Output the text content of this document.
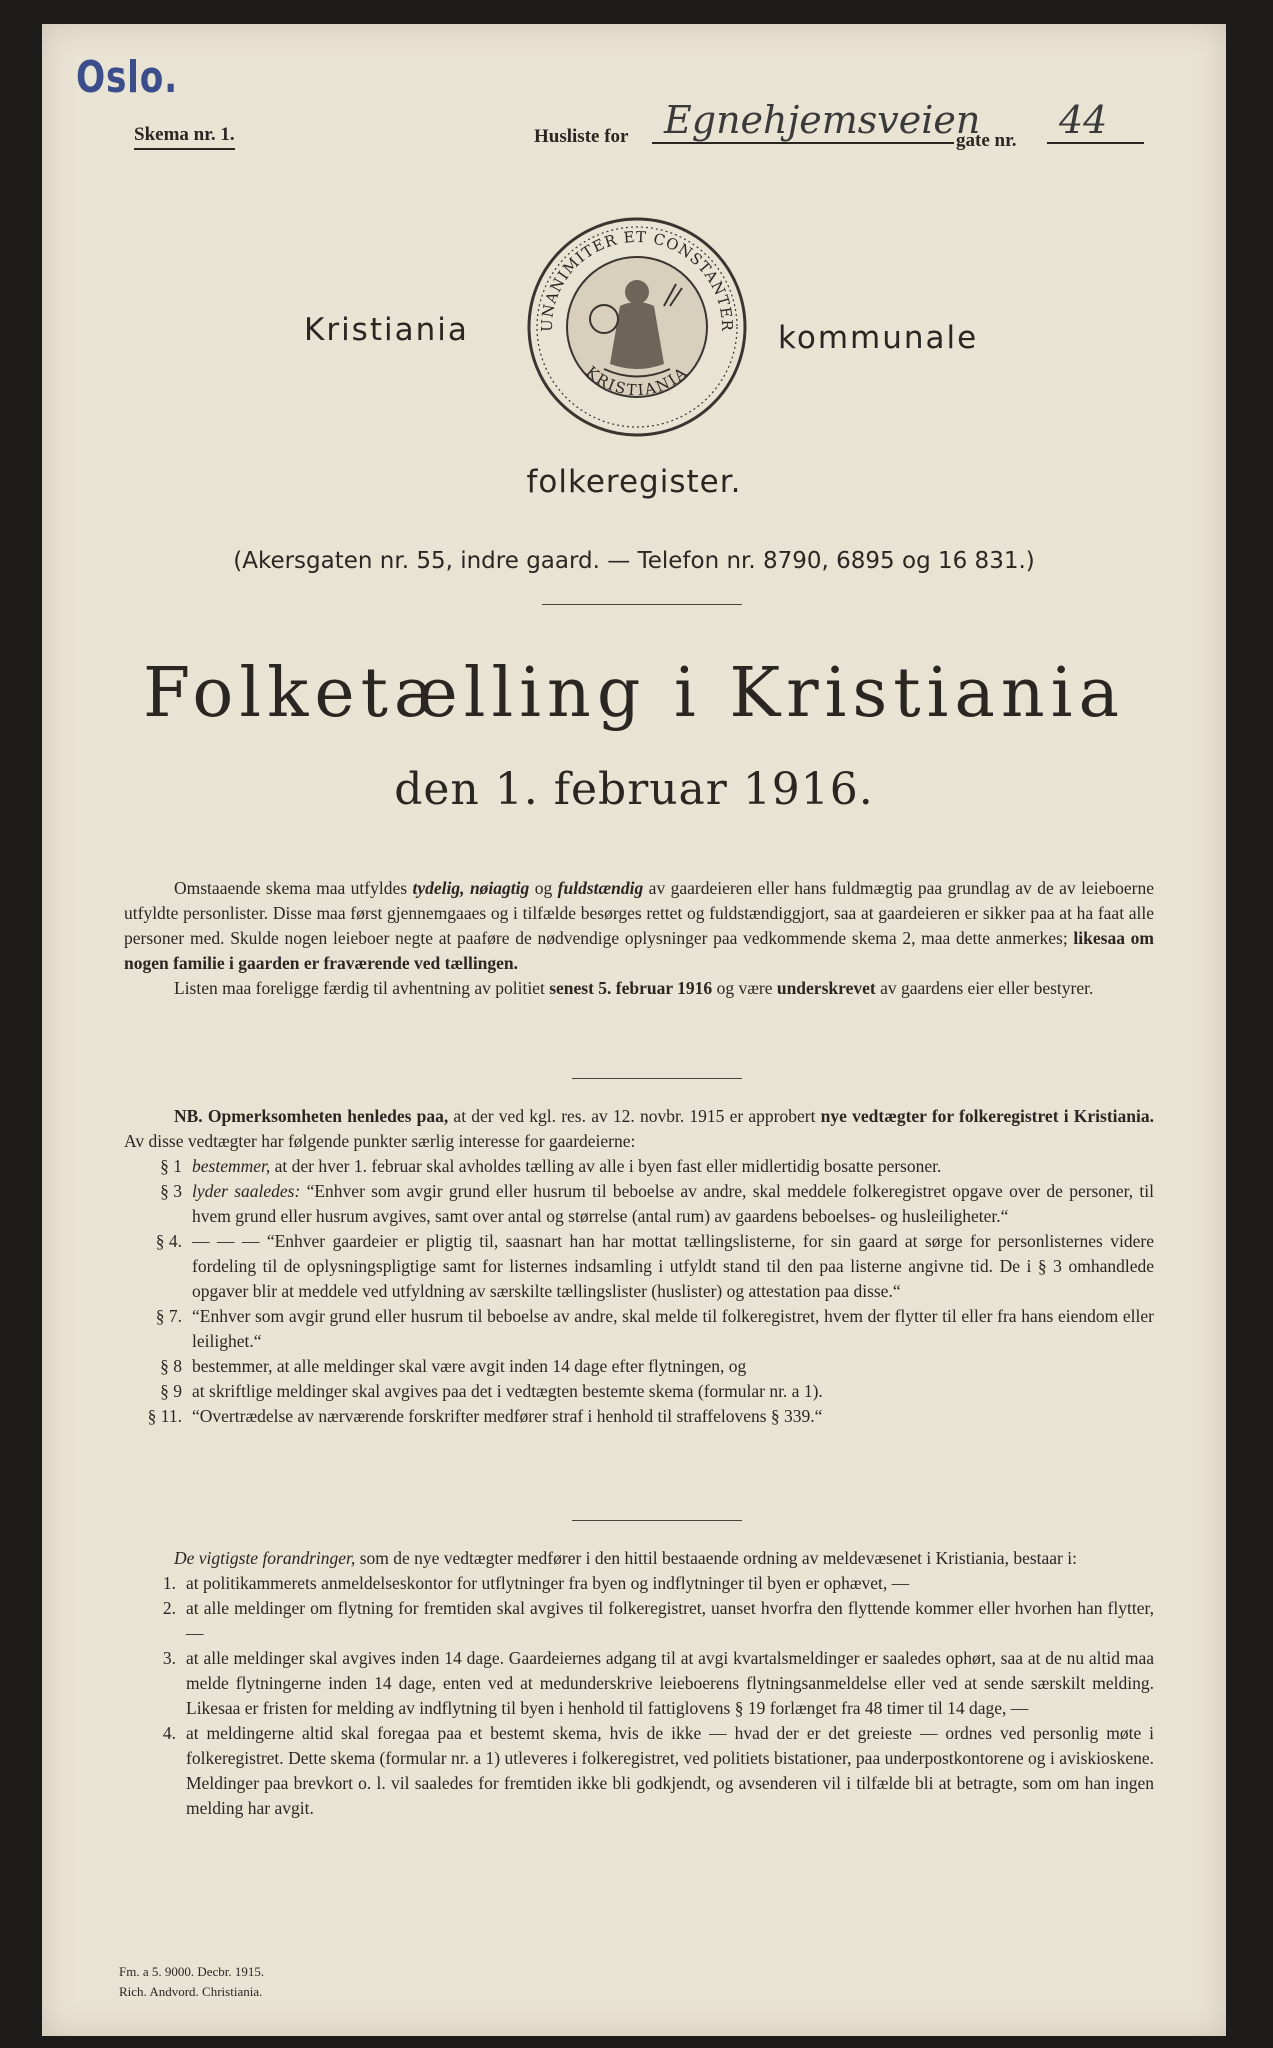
Oslo.
Skema nr. 1.	Husliste for Egnehjemsveien
gate nr.	44
Kristiania	UNANIMITER ET CONSTANTER
KRISTIANIA
kommunale
folkeregister.
(Akersgaten nr. 55, indre gaard. — Telefon nr. 8790, 6895 og 16 831.)
Folketælling i Kristiania
den 1. februar 1916.
Omstaaende skema maa utfyldes tydelig, nøiagtig og fuldstændig av gaardeieren eller hans fuldmægtig paa grundlag av de av leieboerne utfyldte personlister. Disse maa først gjennemgaaes og i tilfælde besørges rettet og fuldstændiggjort, saa at gaardeieren er sikker paa at ha faat alle personer med. Skulde nogen leieboer negte at paaføre de nødvendige oplysninger paa vedkommende skema 2, maa dette anmerkes; likesaa om nogen familie i gaarden er fraværende ved tællingen.
Listen maa foreligge færdig til avhentning av politiet senest 5. februar 1916 og være underskrevet av gaardens eier eller bestyrer.
NB. Opmerksomheten henledes paa, at der ved kgl. res. av 12. novbr. 1915 er approbert nye vedtægter for folkeregistret i Kristiania. Av disse vedtægter har følgende punkter særlig interesse for gaardeierne:
§ 1 bestemmer, at der hver 1. februar skal avholdes tælling av alle i byen fast eller midlertidig bosatte personer.
§ 3 lyder saaledes: “Enhver som avgir grund eller husrum til beboelse av andre, skal meddele folkeregistret opgave over de personer, til hvem grund eller husrum avgives, samt over antal og størrelse (antal rum) av gaardens beboelses- og husleiligheter.“
§ 4. — — — “Enhver gaardeier er pligtig til, saasnart han har mottat tællingslisterne, for sin gaard at sørge for personlisternes videre fordeling til de oplysningspligtige samt for listernes indsamling i utfyldt stand til den paa listerne angivne tid. De i § 3 omhandlede opgaver blir at meddele ved utfyldning av særskilte tællingslister (huslister) og attestation paa disse.“
§ 7. “Enhver som avgir grund eller husrum til beboelse av andre, skal melde til folkeregistret, hvem der flytter til eller fra hans eiendom eller leilighet.“
§ 8 bestemmer, at alle meldinger skal være avgit inden 14 dage efter flytningen, og
§ 9 at skriftlige meldinger skal avgives paa det i vedtægten bestemte skema (formular nr. a 1).
§ 11. “Overtrædelse av nærværende forskrifter medfører straf i henhold til straffelovens § 339.“
De vigtigste forandringer, som de nye vedtægter medfører i den hittil bestaaende ordning av meldevæsenet i Kristiania, bestaar i:
1. at politikammerets anmeldelseskontor for utflytninger fra byen og indflytninger til byen er ophævet, —
2. at alle meldinger om flytning for fremtiden skal avgives til folkeregistret, uanset hvorfra den flyttende kommer eller hvorhen han flytter, —
3. at alle meldinger skal avgives inden 14 dage. Gaardeiernes adgang til at avgi kvartalsmeldinger er saaledes ophørt, saa at de nu altid maa melde flytningerne inden 14 dage, enten ved at medunderskrive leieboerens flytningsanmeldelse eller ved at sende særskilt melding. Likesaa er fristen for melding av indflytning til byen i henhold til fattiglovens § 19 forlænget fra 48 timer til 14 dage, —
4. at meldingerne altid skal foregaa paa et bestemt skema, hvis de ikke — hvad der er det greieste — ordnes ved personlig møte i folkeregistret. Dette skema (formular nr. a 1) utleveres i folkeregistret, ved politiets bistationer, paa underpostkontorene og i aviskioskene. Meldinger paa brevkort o. l. vil saaledes for fremtiden ikke bli godkjendt, og avsenderen vil i tilfælde bli at betragte, som om han ingen melding har avgit.
Fm. a 5. 9000. Decbr. 1915.
Rich. Andvord. Christiania.
